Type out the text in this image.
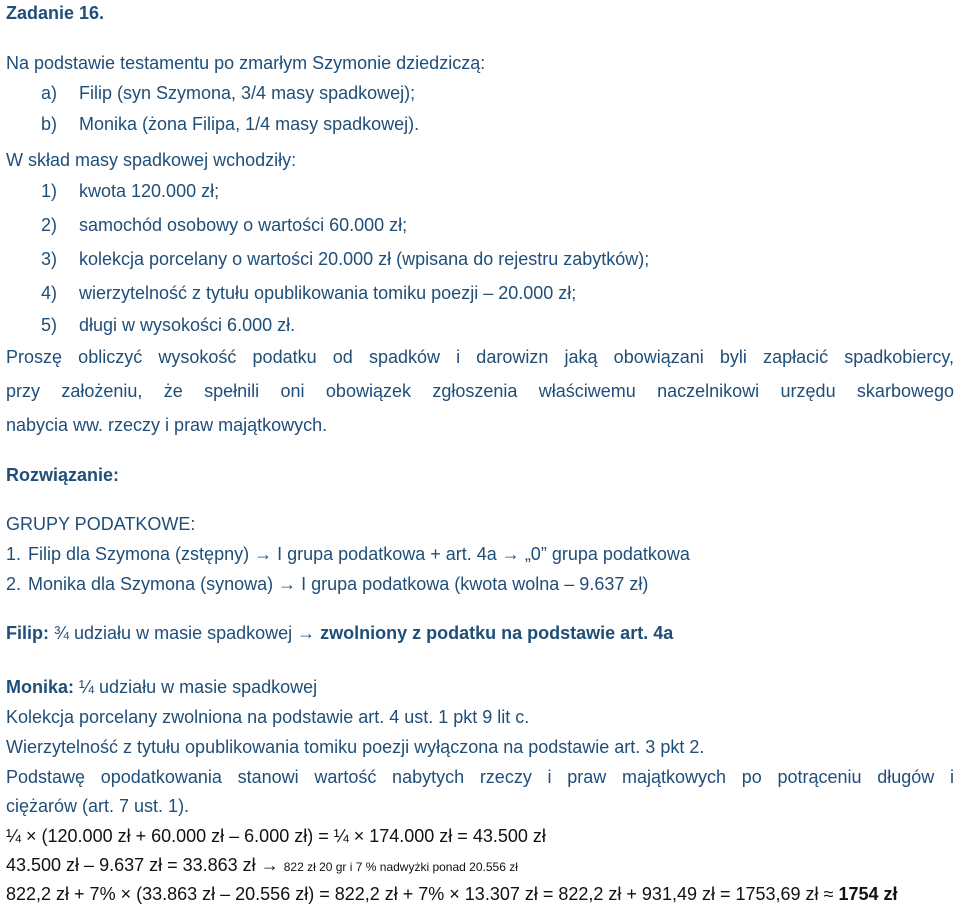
Zadanie 16.
Na podstawie testamentu po zmarłym Szymonie dziedziczą:
a) Filip (syn Szymona, 3/4 masy spadkowej);
b) Monika (żona Filipa, 1/4 masy spadkowej).
W skład masy spadkowej wchodziły:
1) kwota 120.000 zł;
2) samochód osobowy o wartości 60.000 zł;
3) kolekcja porcelany o wartości 20.000 zł (wpisana do rejestru zabytków);
4) wierzytelność z tytułu opublikowania tomiku poezji – 20.000 zł;
5) długi w wysokości 6.000 zł.
Proszę obliczyć wysokość podatku od spadków i darowizn jaką obowiązani byli zapłacić spadkobiercy,
przy założeniu, że spełnili oni obowiązek zgłoszenia właściwemu naczelnikowi urzędu skarbowego
nabycia ww. rzeczy i praw majątkowych.
Rozwiązanie:
GRUPY PODATKOWE:
1. Filip dla Szymona (zstępny) → I grupa podatkowa + art. 4a → „0” grupa podatkowa
2. Monika dla Szymona (synowa) → I grupa podatkowa (kwota wolna – 9.637 zł)
Filip: ¾ udziału w masie spadkowej → zwolniony z podatku na podstawie art. 4a
Monika: ¼ udziału w masie spadkowej
Kolekcja porcelany zwolniona na podstawie art. 4 ust. 1 pkt 9 lit c.
Wierzytelność z tytułu opublikowania tomiku poezji wyłączona na podstawie art. 3 pkt 2.
Podstawę opodatkowania stanowi wartość nabytych rzeczy i praw majątkowych po potrąceniu długów i
ciężarów (art. 7 ust. 1).
¼ × (120.000 zł + 60.000 zł – 6.000 zł) = ¼ × 174.000 zł = 43.500 zł
43.500 zł – 9.637 zł = 33.863 zł → 822 zł 20 gr i 7 % nadwyżki ponad 20.556 zł
822,2 zł + 7% × (33.863 zł – 20.556 zł) = 822,2 zł + 7% × 13.307 zł = 822,2 zł + 931,49 zł = 1753,69 zł ≈ 1754 zł
